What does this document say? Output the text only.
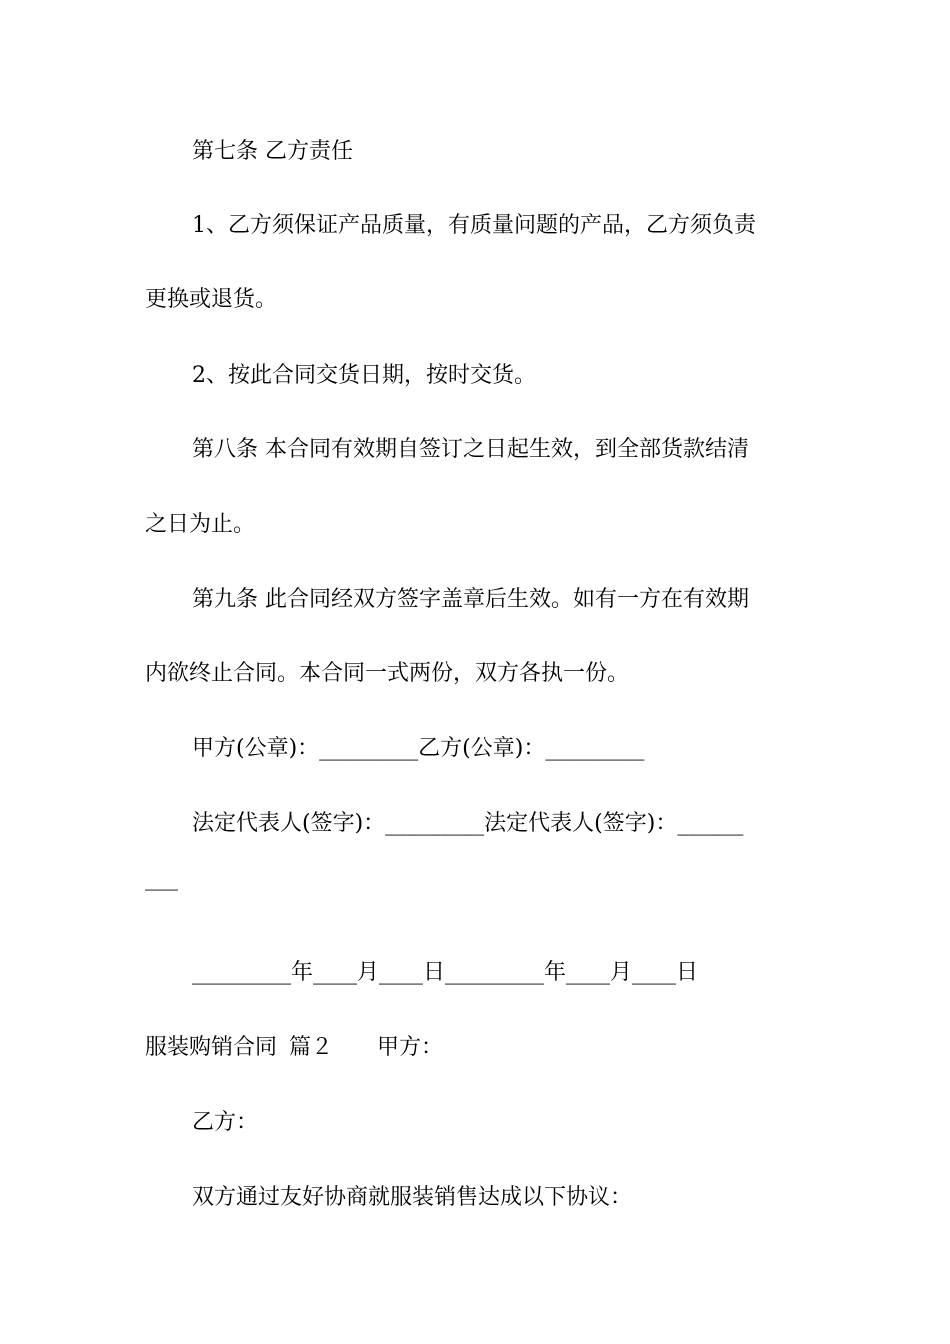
第七条 乙方责任
1、乙方须保证产品质量，有质量问题的产品，乙方须负责
更换或退货。
2、按此合同交货日期，按时交货。
第八条 本合同有效期自签订之日起生效，到全部货款结清
之日为止。
第九条 此合同经双方签字盖章后生效。如有一方在有效期
内欲终止合同。本合同一式两份，双方各执一份。
甲方(公章)：_________乙方(公章)：_________
法定代表人(签字)：_________法定代表人(签字)：______
___
_________年____月____日_________年____月____日
服装购销合同 篇２ 甲方：
乙方：
双方通过友好协商就服装销售达成以下协议：
